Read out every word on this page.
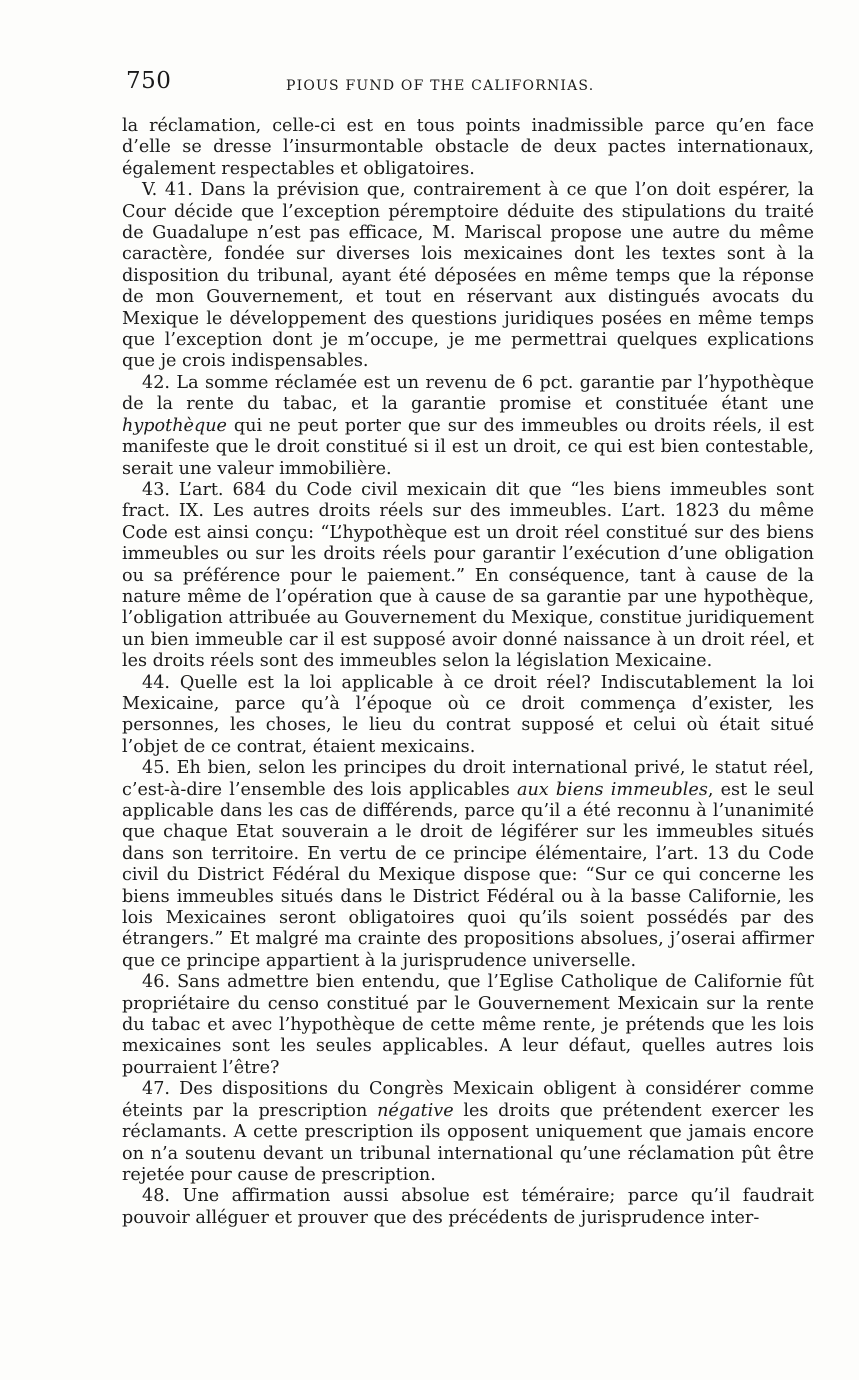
750	PIOUS FUND OF THE CALIFORNIAS.

la réclamation, celle-ci est en tous points inadmissible parce qu’en face d’elle se dresse l’insurmontable obstacle de deux pactes internationaux, également respectables et obligatoires.

V. 41. Dans la prévision que, contrairement à ce que l’on doit espérer, la Cour décide que l’exception péremptoire déduite des stipulations du traité de Guadalupe n’est pas efficace, M. Mariscal propose une autre du même caractère, fondée sur diverses lois mexicaines dont les textes sont à la disposition du tribunal, ayant été déposées en même temps que la réponse de mon Gouvernement, et tout en réservant aux distingués avocats du Mexique le développement des questions juridiques posées en même temps que l’exception dont je m’occupe, je me permettrai quelques explications que je crois indispensables.

42. La somme réclamée est un revenu de 6 pct. garantie par l’hypothèque de la rente du tabac, et la garantie promise et constituée étant une hypothèque qui ne peut porter que sur des immeubles ou droits réels, il est manifeste que le droit constitué si il est un droit, ce qui est bien contestable, serait une valeur immobilière.

43. L’art. 684 du Code civil mexicain dit que “les biens immeubles sont fract. IX. Les autres droits réels sur des immeubles. L’art. 1823 du même Code est ainsi conçu: “L’hypothèque est un droit réel constitué sur des biens immeubles ou sur les droits réels pour garantir l’exécution d’une obligation ou sa préférence pour le paiement.” En conséquence, tant à cause de la nature même de l’opération que à cause de sa garantie par une hypothèque, l’obligation attribuée au Gouvernement du Mexique, constitue juridiquement un bien immeuble car il est supposé avoir donné naissance à un droit réel, et les droits réels sont des immeubles selon la législation Mexicaine.

44. Quelle est la loi applicable à ce droit réel? Indiscutablement la loi Mexicaine, parce qu’à l’époque où ce droit commença d’exister, les personnes, les choses, le lieu du contrat supposé et celui où était situé l’objet de ce contrat, étaient mexicains.

45. Eh bien, selon les principes du droit international privé, le statut réel, c’est-à-dire l’ensemble des lois applicables aux biens immeubles, est le seul applicable dans les cas de différends, parce qu’il a été reconnu à l’unanimité que chaque Etat souverain a le droit de légiférer sur les immeubles situés dans son territoire. En vertu de ce principe élémentaire, l’art. 13 du Code civil du District Fédéral du Mexique dispose que: “Sur ce qui concerne les biens immeubles situés dans le District Fédéral ou à la basse Californie, les lois Mexicaines seront obligatoires quoi qu’ils soient possédés par des étrangers.” Et malgré ma crainte des propositions absolues, j’oserai affirmer que ce principe appartient à la jurisprudence universelle.

46. Sans admettre bien entendu, que l’Eglise Catholique de Californie fût propriétaire du censo constitué par le Gouvernement Mexicain sur la rente du tabac et avec l’hypothèque de cette même rente, je prétends que les lois mexicaines sont les seules applicables. A leur défaut, quelles autres lois pourraient l’être?

47. Des dispositions du Congrès Mexicain obligent à considérer comme éteints par la prescription négative les droits que prétendent exercer les réclamants. A cette prescription ils opposent uniquement que jamais encore on n’a soutenu devant un tribunal international qu’une réclamation pût être rejetée pour cause de prescription.

48. Une affirmation aussi absolue est téméraire; parce qu’il faudrait pouvoir alléguer et prouver que des précédents de jurisprudence inter-
